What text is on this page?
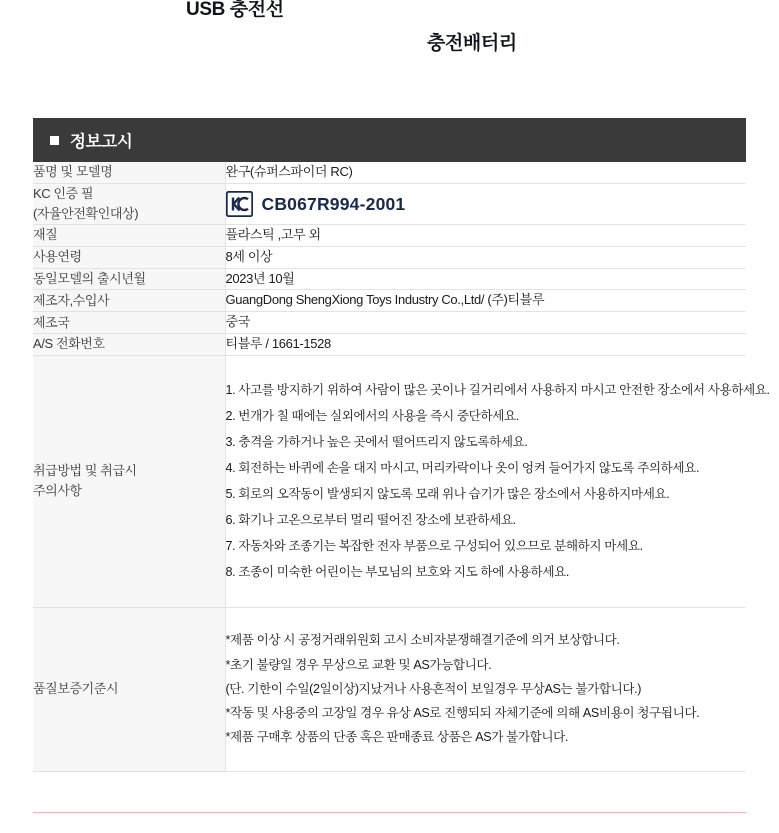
USB 충전선
충전배터리
정보고시
품명 및 모델명	완구(슈퍼스파이더 RC)

KC 인증 필
(자율안전확인대상)	CB067R994-2001

재질	플라스틱 ,고무 외
사용연령	8세 이상
동일모델의 출시년월	2023년 10월
제조자,수입사	GuangDong ShengXiong Toys Industry Co.,Ltd/ (주)티블루
제조국	중국
A/S 전화번호	티블루 / 1661-1528

취급방법 및 취급시
주의사항

1. 사고를 방지하기 위하여 사람이 많은 곳이나 길거리에서 사용하지 마시고 안전한 장소에서 사용하세요.
2. 번개가 칠 때에는 실외에서의 사용을 즉시 중단하세요.
3. 충격을 가하거나 높은 곳에서 떨어뜨리지 않도록하세요.
4. 회전하는 바퀴에 손을 대지 마시고, 머리카락이나 옷이 엉켜 들어가지 않도록 주의하세요.
5. 회로의 오작동이 발생되지 않도록 모래 위나 습기가 많은 장소에서 사용하지마세요.
6. 화기나 고온으로부터 멀리 떨어진 장소에 보관하세요.
7. 자동차와 조종기는 복잡한 전자 부품으로 구성되어 있으므로 분해하지 마세요.
8. 조종이 미숙한 어린이는 부모님의 보호와 지도 하에 사용하세요.

품질보증기준시	
*제품 이상 시 공정거래위원회 고시 소비자분쟁해결기준에 의거 보상합니다.
*초기 불량일 경우 무상으로 교환 및 AS가능합니다.
(단. 기한이 수일(2일이상)지났거나 사용흔적이 보일경우 무상AS는 불가합니다.)
*작동 및 사용중의 고장일 경우 유상 AS로 진행되되 자체기준에 의해 AS비용이 청구됩니다.
*제품 구매후 상품의 단종 혹은 판매종료 상품은 AS가 불가합니다.
